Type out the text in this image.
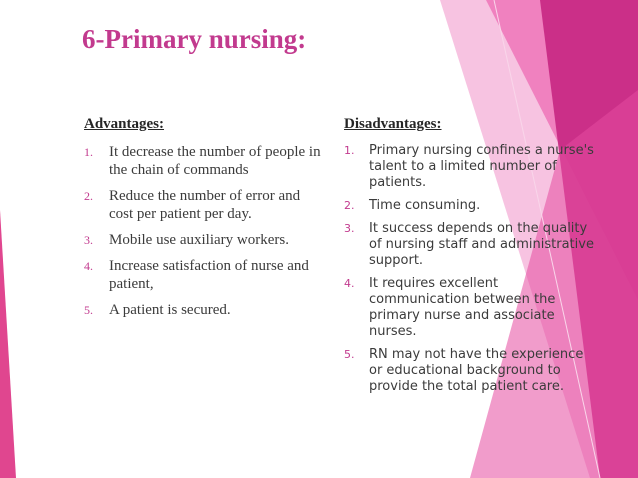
6-Primary nursing:

Advantages:

1.	It decrease the number of people in the chain of commands
2.	Reduce the number of error and cost per patient per day.
3.	Mobile use auxiliary workers.
4.	Increase satisfaction of nurse and patient,
5.	A patient is secured.

Disadvantages:

1.	Primary nursing confines a nurse's talent to a limited number of patients.
2.	Time consuming.
3.	It success depends on the quality of nursing staff and administrative support.
4.	It requires excellent communication between the primary nurse and associate nurses.
5.	RN may not have the experience or educational background to provide the total patient care.
